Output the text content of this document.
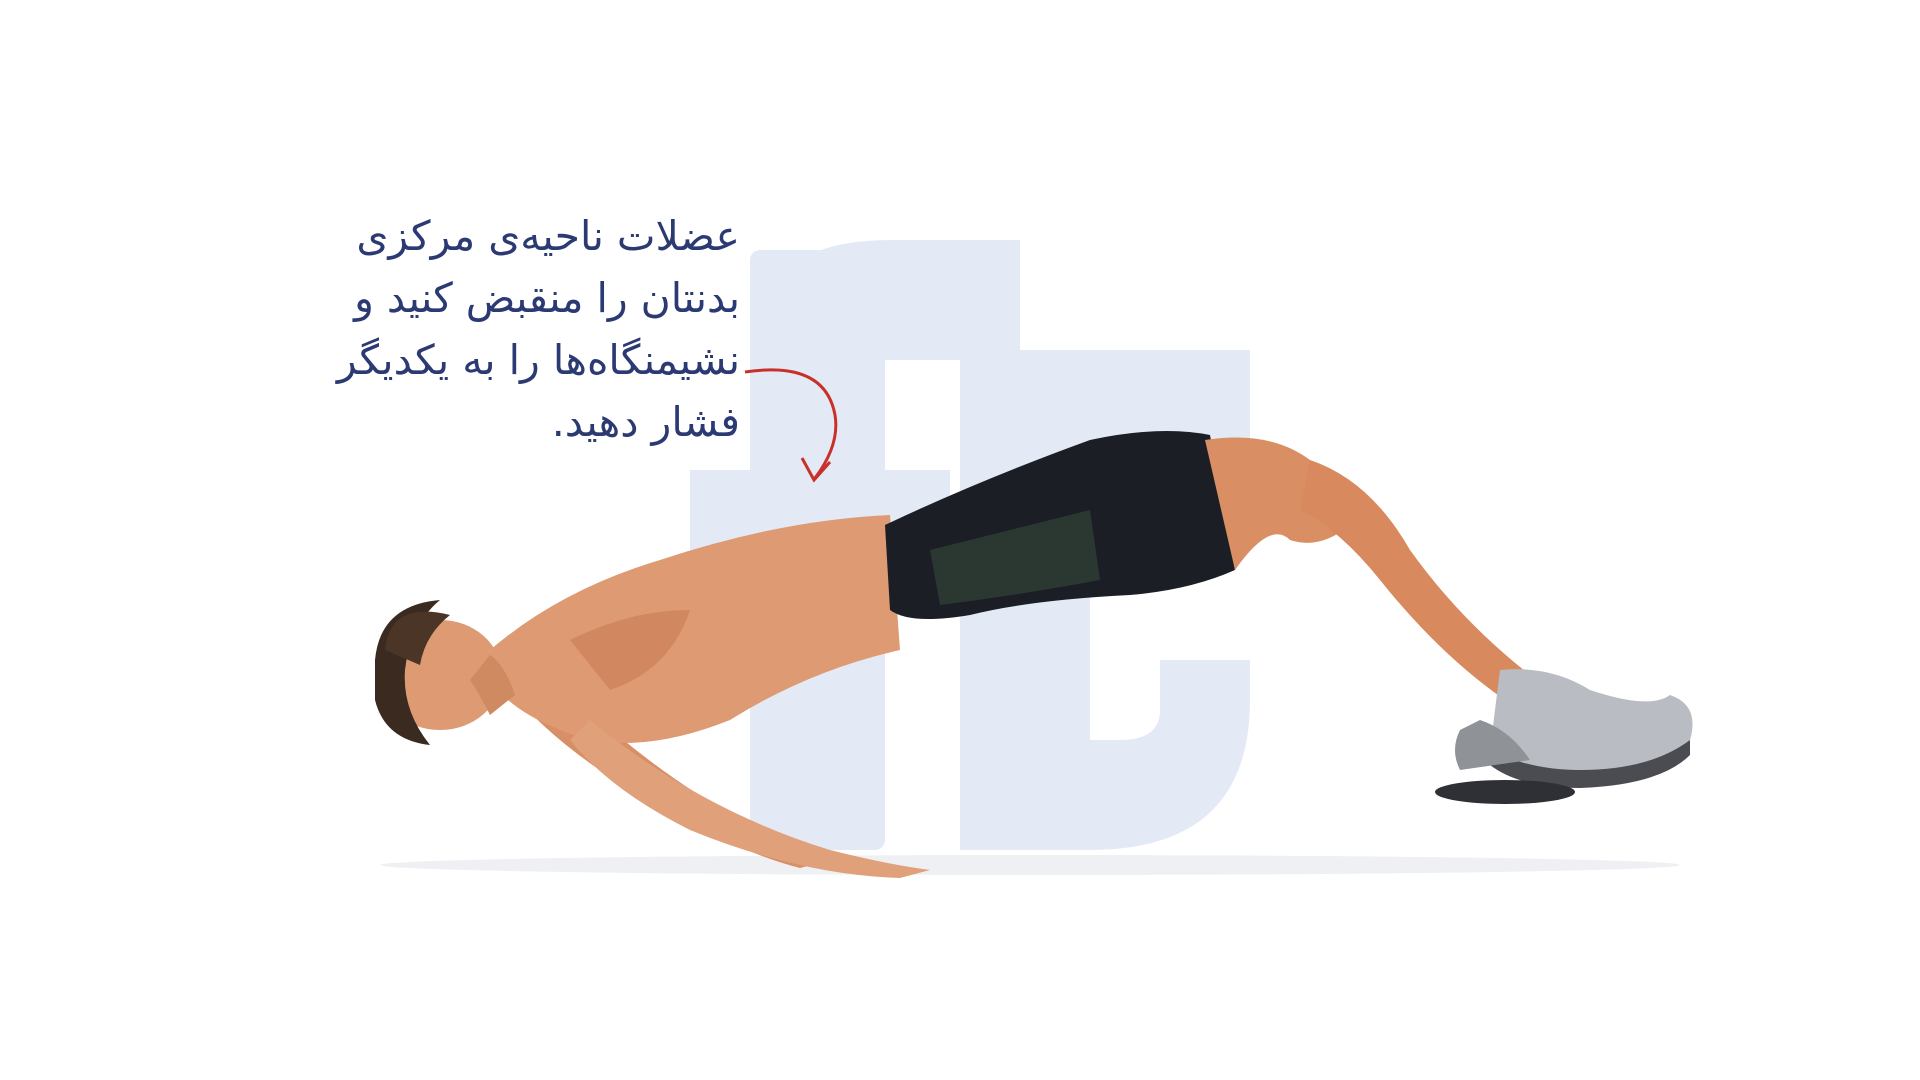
عضلات ناحیه‌ی مرکزی
بدنتان را منقبض کنید و
نشیمنگاه‌ها را به یکدیگر
فشار دهید.
